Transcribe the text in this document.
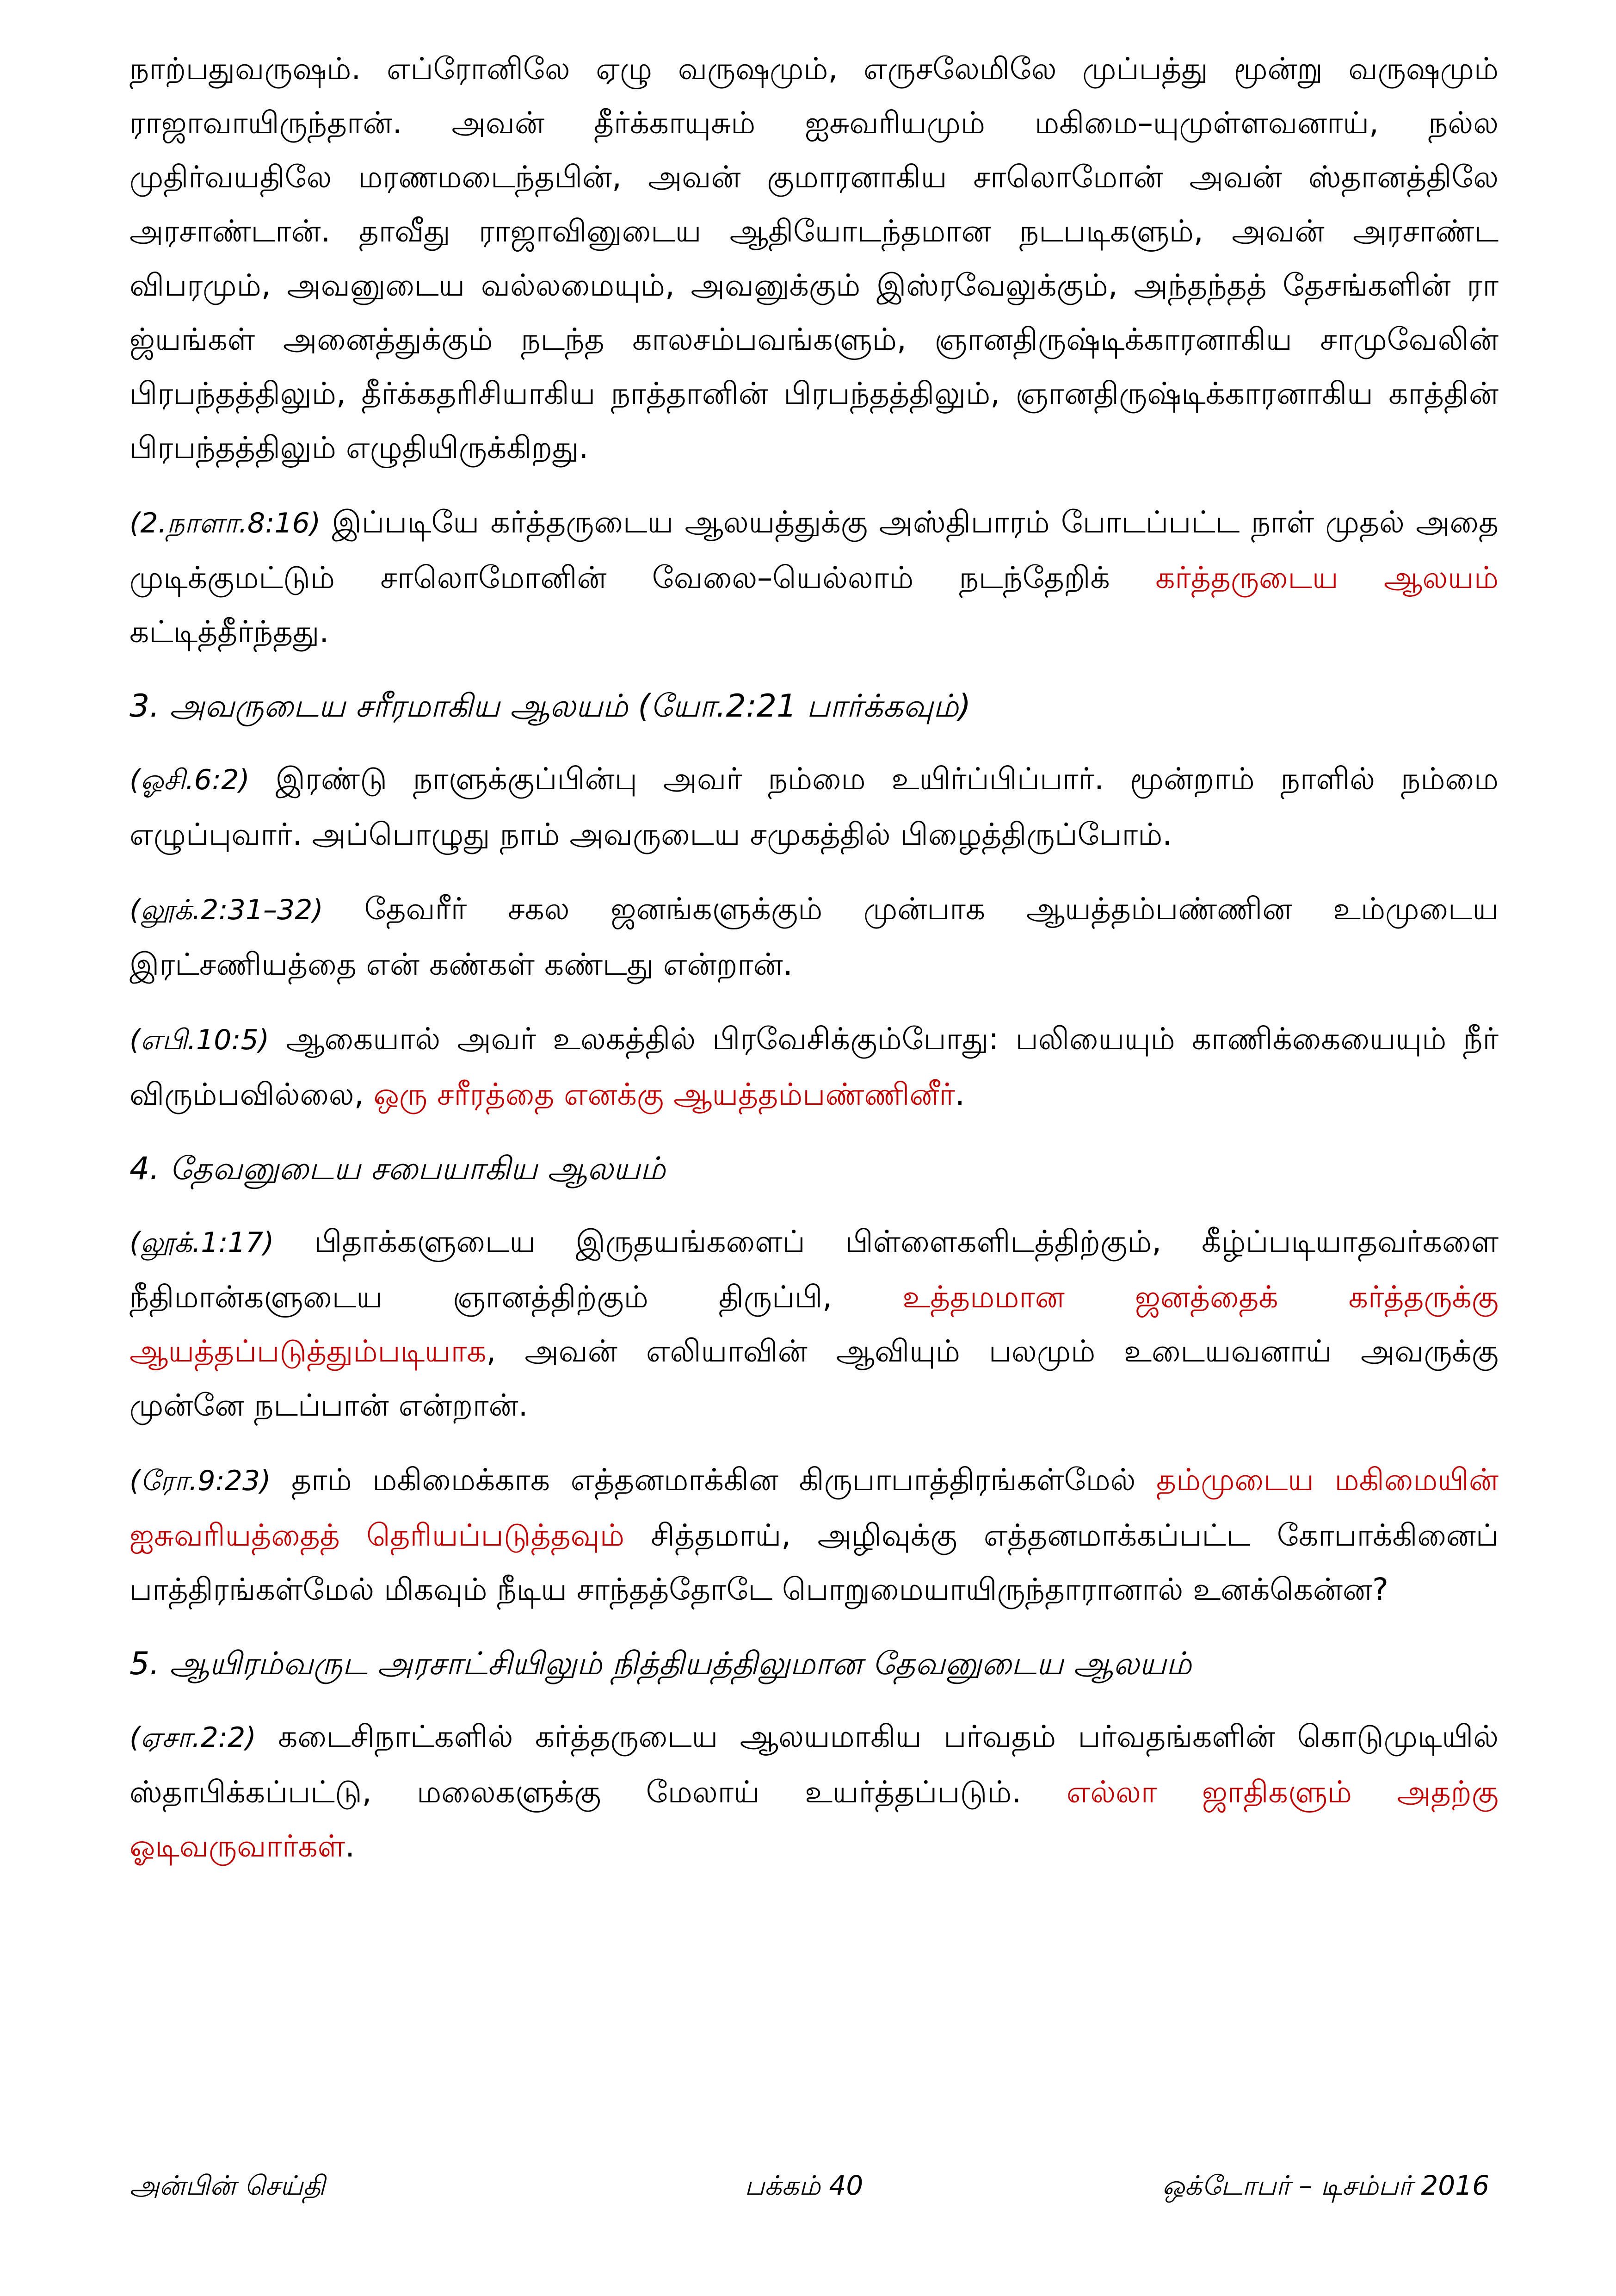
நாற்பதுவருஷம். எப்ரோனிலே ஏழு வருஷமும், எருசலேமிலே முப்பத்து மூன்று வருஷமும் ராஜாவாயிருந்தான். அவன் தீர்க்காயுசும் ஐசுவரியமும் மகிமை–யுமுள்ளவனாய், நல்ல முதிர்வயதிலே மரணமடைந்தபின், அவன் குமாரனாகிய சாலொமோன் அவன் ஸ்தானத்திலே அரசாண்டான். தாவீது ராஜாவினுடைய ஆதியோடந்தமான நடபடிகளும், அவன் அரசாண்ட விபரமும், அவனுடைய வல்லமையும், அவனுக்கும் இஸ்ரவேலுக்கும், அந்தந்தத் தேசங்களின் ரா ஜ்யங்கள் அனைத்துக்கும் நடந்த காலசம்பவங்களும், ஞானதிருஷ்டிக்காரனாகிய சாமுவேலின் பிரபந்தத்திலும், தீர்க்கதரிசியாகிய நாத்தானின் பிரபந்தத்திலும், ஞானதிருஷ்டிக்காரனாகிய காத்தின் பிரபந்தத்திலும் எழுதியிருக்கிறது.

(2.நாளா.8:16) இப்படியே கர்த்தருடைய ஆலயத்துக்கு அஸ்திபாரம் போடப்பட்ட நாள் முதல் அதை முடிக்குமட்டும் சாலொமோனின் வேலை–யெல்லாம் நடந்தேறிக் கர்த்தருடைய ஆலயம் கட்டித்தீர்ந்தது.

3. அவருடைய சரீரமாகிய ஆலயம் (யோ.2:21 பார்க்கவும்)

(ஓசி.6:2) இரண்டு நாளுக்குப்பின்பு அவர் நம்மை உயிர்ப்பிப்பார். மூன்றாம் நாளில் நம்மை எழுப்புவார். அப்பொழுது நாம் அவருடைய சமுகத்தில் பிழைத்திருப்போம்.

(லூக்.2:31–32) தேவரீர் சகல ஜனங்களுக்கும் முன்பாக ஆயத்தம்பண்ணின உம்முடைய இரட்சணியத்தை என் கண்கள் கண்டது என்றான்.

(எபி.10:5) ஆகையால் அவர் உலகத்தில் பிரவேசிக்கும்போது: பலியையும் காணிக்கையையும் நீர் விரும்பவில்லை, ஒரு சரீரத்தை எனக்கு ஆயத்தம்பண்ணினீர்.

4. தேவனுடைய சபையாகிய ஆலயம்

(லூக்.1:17) பிதாக்களுடைய இருதயங்களைப் பிள்ளைகளிடத்திற்கும், கீழ்ப்படியாதவர்களை நீதிமான்களுடைய ஞானத்திற்கும் திருப்பி, உத்தமமான ஜனத்தைக் கர்த்தருக்கு ஆயத்தப்படுத்தும்படியாக, அவன் எலியாவின் ஆவியும் பலமும் உடையவனாய் அவருக்கு முன்னே நடப்பான் என்றான்.

(ரோ.9:23) தாம் மகிமைக்காக எத்தனமாக்கின கிருபாபாத்திரங்கள்மேல் தம்முடைய மகிமையின் ஐசுவரியத்தைத் தெரியப்படுத்தவும் சித்தமாய், அழிவுக்கு எத்தனமாக்கப்பட்ட கோபாக்கினைப் பாத்திரங்கள்மேல் மிகவும் நீடிய சாந்தத்தோடே பொறுமையாயிருந்தாரானால் உனக்கென்ன?

5. ஆயிரம்வருட அரசாட்சியிலும் நித்தியத்திலுமான தேவனுடைய ஆலயம்

(ஏசா.2:2) கடைசிநாட்களில் கர்த்தருடைய ஆலயமாகிய பர்வதம் பர்வதங்களின் கொடுமுடியில் ஸ்தாபிக்கப்பட்டு, மலைகளுக்கு மேலாய் உயர்த்தப்படும். எல்லா ஜாதிகளும் அதற்கு ஓடிவருவார்கள்.

அன்பின் செய்தி	பக்கம் 40	ஒக்டோபர் – டிசம்பர் 2016
